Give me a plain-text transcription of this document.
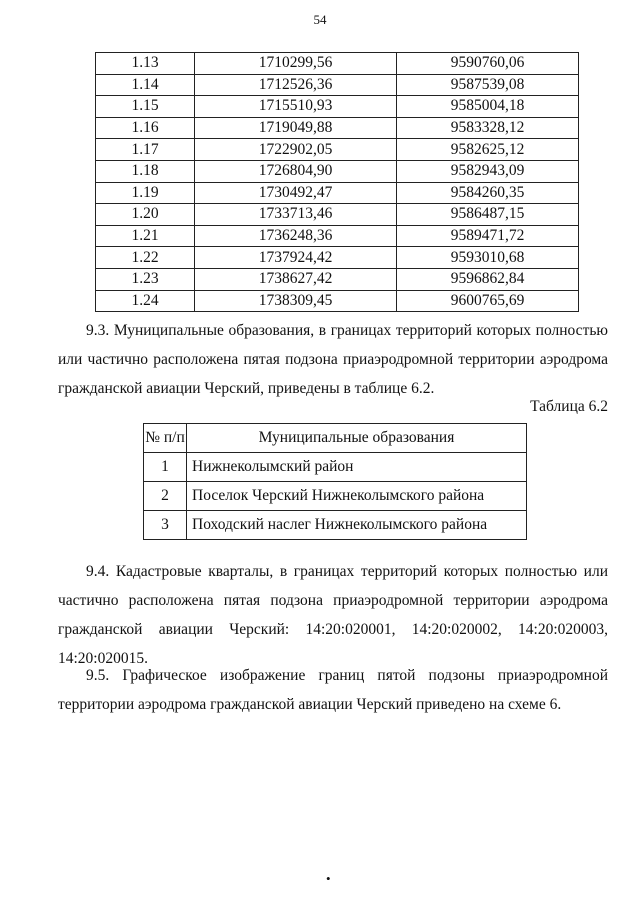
54
1.13	1710299,56	9590760,06
1.14	1712526,36	9587539,08
1.15	1715510,93	9585004,18
1.16	1719049,88	9583328,12
1.17	1722902,05	9582625,12
1.18	1726804,90	9582943,09
1.19	1730492,47	9584260,35
1.20	1733713,46	9586487,15
1.21	1736248,36	9589471,72
1.22	1737924,42	9593010,68
1.23	1738627,42	9596862,84
1.24	1738309,45	9600765,69

9.3. Муниципальные образования, в границах территорий которых полностью или частично расположена пятая подзона приаэродромной территории аэродрома гражданской авиации Черский, приведены в таблице 6.2.

Таблица 6.2
№ п/п	Муниципальные образования
1	Нижнеколымский район
2	Поселок Черский Нижнеколымского района
3	Походский наслег Нижнеколымского района

9.4. Кадастровые кварталы, в границах территорий которых полностью или частично расположена пятая подзона приаэродромной территории аэродрома гражданской авиации Черский: 14:20:020001, 14:20:020002, 14:20:020003, 14:20:020015.

9.5. Графическое изображение границ пятой подзоны приаэродромной территории аэродрома гражданской авиации Черский приведено на схеме 6.

•
